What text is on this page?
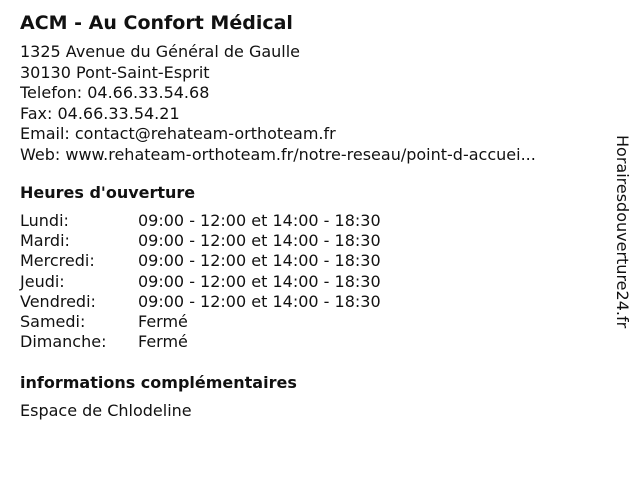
ACM - Au Confort Médical
1325 Avenue du Général de Gaulle
30130 Pont-Saint-Esprit
Telefon: 04.66.33.54.68
Fax: 04.66.33.54.21
Email: contact@rehateam-orthoteam.fr
Web: www.rehateam-orthoteam.fr/notre-reseau/point-d-accuei...
Heures d'ouverture
Lundi:	09:00 - 12:00 et 14:00 - 18:30
Mardi:	09:00 - 12:00 et 14:00 - 18:30
Mercredi:	09:00 - 12:00 et 14:00 - 18:30
Jeudi:	09:00 - 12:00 et 14:00 - 18:30
Vendredi:	09:00 - 12:00 et 14:00 - 18:30
Samedi:	Fermé
Dimanche:	Fermé
informations complémentaires
Espace de Chlodeline
Horairesdouverture24.fr
